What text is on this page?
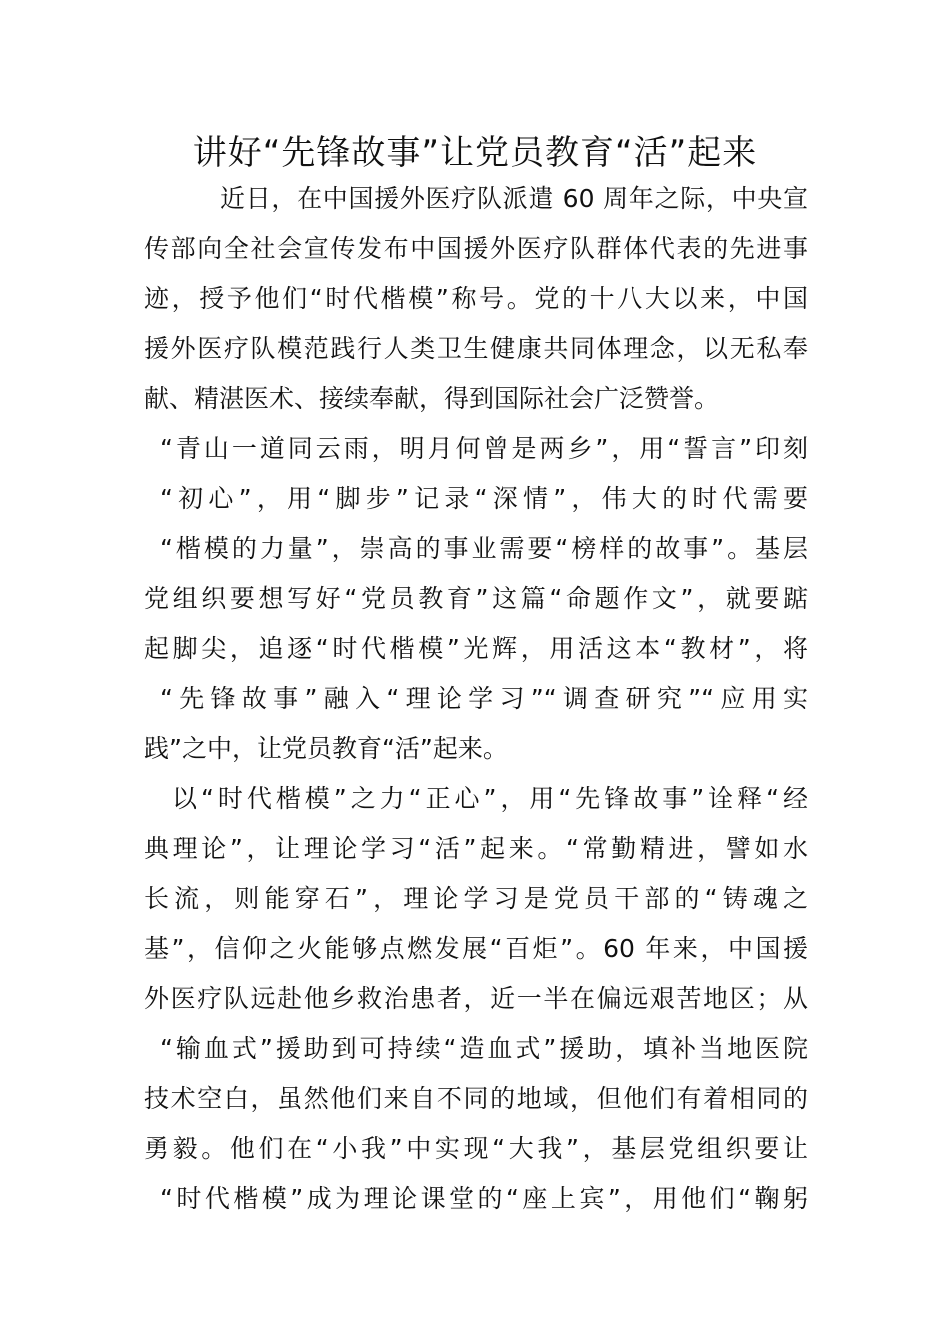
讲好“先锋故事”让党员教育“活”起来

近日，在中国援外医疗队派遣 60 周年之际，中央宣

传部向全社会宣传发布中国援外医疗队群体代表的先进事

迹，授予他们“时代楷模”称号。党的十八大以来，中国

援外医疗队模范践行人类卫生健康共同体理念，以无私奉

献、精湛医术、接续奉献，得到国际社会广泛赞誉。

“青山一道同云雨，明月何曾是两乡”，用“誓言”印刻

“初心”，用“脚步”记录“深情”，伟大的时代需要

“楷模的力量”，崇高的事业需要“榜样的故事”。基层

党组织要想写好“党员教育”这篇“命题作文”，就要踮

起脚尖，追逐“时代楷模”光辉，用活这本“教材”，将

“先锋故事”融入“理论学习”“调查研究”“应用实

践”之中，让党员教育“活”起来。

以“时代楷模”之力“正心”，用“先锋故事”诠释“经

典理论”，让理论学习“活”起来。“常勤精进，譬如水

长流，则能穿石”，理论学习是党员干部的“铸魂之

基”，信仰之火能够点燃发展“百炬”。60 年来，中国援

外医疗队远赴他乡救治患者，近一半在偏远艰苦地区；从

“输血式”援助到可持续“造血式”援助，填补当地医院

技术空白，虽然他们来自不同的地域，但他们有着相同的

勇毅。他们在“小我”中实现“大我”，基层党组织要让

“时代楷模”成为理论课堂的“座上宾”，用他们“鞠躬
